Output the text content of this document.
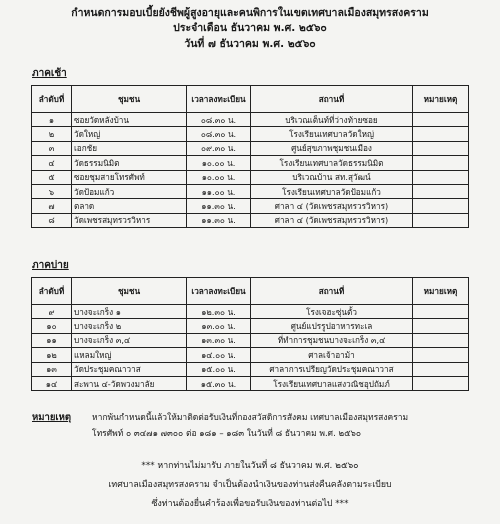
กำหนดการมอบเบี้ยยังชีพผู้สูงอายุและคนพิการในเขตเทศบาลเมืองสมุทรสงคราม
ประจำเดือน ธันวาคม พ.ศ. ๒๕๖๐
วันที่ ๗ ธันวาคม พ.ศ. ๒๕๖๐
ภาคเช้า
ลำดับที่	ชุมชน	เวลาลงทะเบียน	สถานที่	หมายเหตุ
๑	ซอยวัดหลังบ้าน	๐๘.๓๐ น.	บริเวณเต็นท์ที่ว่างท้ายซอย	
๒	วัดใหญ่	๐๘.๓๐ น.	โรงเรียนเทศบาลวัดใหญ่	
๓	เอกชัย	๐๙.๓๐ น.	ศูนย์สุขภาพชุมชนเมือง	
๔	วัดธรรมนิมิต	๑๐.๐๐ น.	โรงเรียนเทศบาลวัดธรรมนิมิต	
๕	ซอยชุมสายโทรศัพท์	๑๐.๐๐ น.	บริเวณบ้าน สท.สุวัฒน์	
๖	วัดป้อมแก้ว	๑๑.๐๐ น.	โรงเรียนเทศบาลวัดป้อมแก้ว	
๗	ตลาด	๑๑.๓๐ น.	ศาลา ๔ (วัดเพชรสมุทรวรวิหาร)	
๘	วัดเพชรสมุทรวรวิหาร	๑๑.๓๐ น.	ศาลา ๔ (วัดเพชรสมุทรวรวิหาร)	
ภาคบ่าย
ลำดับที่	ชุมชน	เวลาลงทะเบียน	สถานที่	หมายเหตุ
๙	บางจะเกร็ง ๑	๑๒.๓๐ น.	โรงเจฮะซุ่นตั้ว	
๑๐	บางจะเกร็ง ๒	๑๓.๐๐ น.	ศูนย์แปรรูปอาหารทะเล	
๑๑	บางจะเกร็ง ๓,๔	๑๓.๓๐ น.	ที่ทำการชุมชนบางจะเกร็ง ๓,๔	
๑๒	แหลมใหญ่	๑๔.๐๐ น.	ศาลเจ้าอาม้า	
๑๓	วัดประชุมคณาวาส	๑๕.๐๐ น.	ศาลาการเปรียญวัดประชุมคณาวาส	
๑๔	สะพาน ๔-วัดพวงมาลัย	๑๕.๓๐ น.	โรงเรียนเทศบาลแสงวณิชอุปถัมภ์	
หมายเหตุ หากพ้นกำหนดนี้แล้วให้มาติดต่อรับเงินที่กองสวัสดิการสังคม เทศบาลเมืองสมุทรสงคราม
โทรศัพท์ ๐ ๓๔๗๑ ๗๓๐๐ ต่อ ๑๘๑ – ๑๘๓ ในวันที่ ๘ ธันวาคม พ.ศ. ๒๕๖๐
*** หากท่านไม่มารับ ภายในวันที่ ๘ ธันวาคม พ.ศ. ๒๕๖๐
เทศบาลเมืองสมุทรสงคราม จำเป็นต้องนำเงินของท่านส่งคืนคลังตามระเบียบ
ซึ่งท่านต้องยื่นคำร้องเพื่อขอรับเงินของท่านต่อไป ***
